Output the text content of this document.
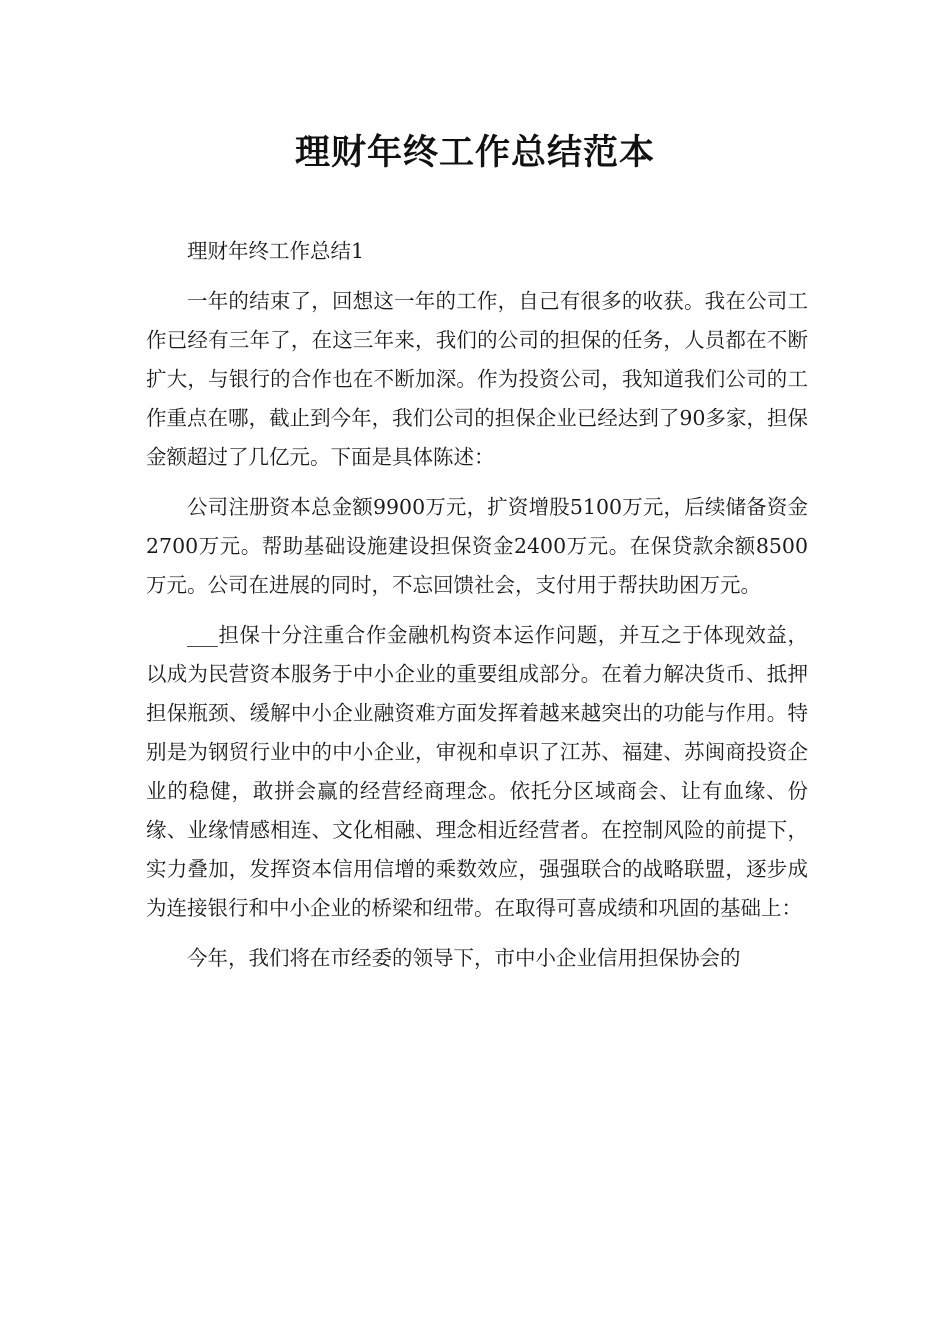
理财年终工作总结范本

理财年终工作总结1

一年的结束了，回想这一年的工作，自己有很多的收获。我在公司工作已经有三年了，在这三年来，我们的公司的担保的任务，人员都在不断扩大，与银行的合作也在不断加深。作为投资公司，我知道我们公司的工作重点在哪，截止到今年，我们公司的担保企业已经达到了90多家，担保金额超过了几亿元。下面是具体陈述：

公司注册资本总金额9900万元，扩资增股5100万元，后续储备资金2700万元。帮助基础设施建设担保资金2400万元。在保贷款余额8500万元。公司在进展的同时，不忘回馈社会，支付用于帮扶助困万元。

___担保十分注重合作金融机构资本运作问题，并互之于体现效益，以成为民营资本服务于中小企业的重要组成部分。在着力解决货币、抵押担保瓶颈、缓解中小企业融资难方面发挥着越来越突出的功能与作用。特别是为钢贸行业中的中小企业，审视和卓识了江苏、福建、苏闽商投资企业的稳健，敢拼会赢的经营经商理念。依托分区域商会、让有血缘、份缘、业缘情感相连、文化相融、理念相近经营者。在控制风险的前提下，实力叠加，发挥资本信用信增的乘数效应，强强联合的战略联盟，逐步成为连接银行和中小企业的桥梁和纽带。在取得可喜成绩和巩固的基础上：

今年，我们将在市经委的领导下，市中小企业信用担保协会的
